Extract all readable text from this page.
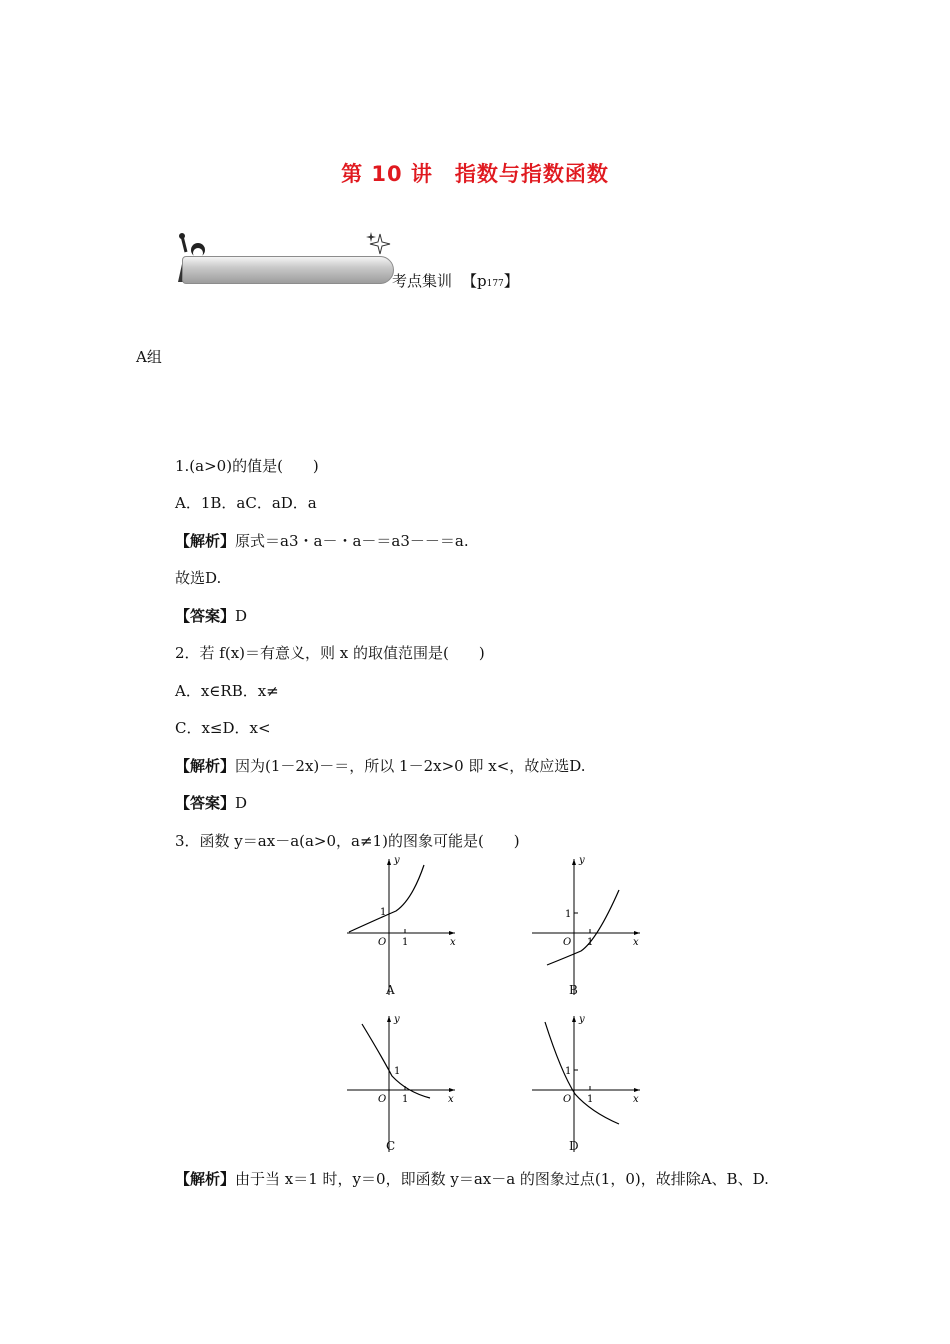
第 10 讲 指数与指数函数
考点集训 【p177】
A组
1.(a>0)的值是(　　)
A．1B．aC．aD．a
【解析】原式＝a3・a－・a－＝a3－－＝a.
故选D.
【答案】D
2．若 f(x)＝有意义，则 x 的取值范围是(　　)
A．x∈RB．x≠
C．x≤D．x<
【解析】因为(1－2x)－＝，所以 1－2x>0 即 x<，故应选D.
【答案】D
3．函数 y＝ax－a(a>0，a≠1)的图象可能是(　　)
y
x
O 1
1
A
y
x
O 1
1
B
y
x
O 1
1
C
y
x
O 1
1
D
【解析】由于当 x＝1 时，y＝0，即函数 y＝ax－a 的图象过点(1，0)，故排除A、B、D.
